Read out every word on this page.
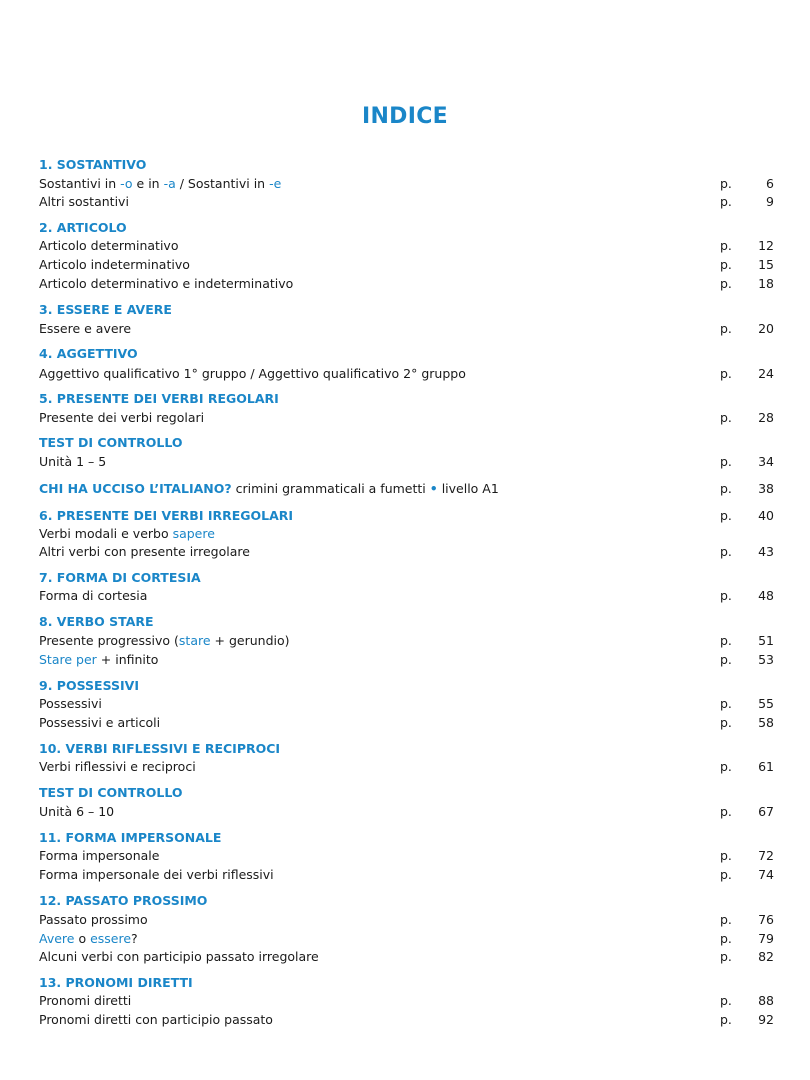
INDICE
1. SOSTANTIVO
Sostantivi in -o e in -a / Sostantivi in -e	p.	6
Altri sostantivi	p.	9
2. ARTICOLO
Articolo determinativo	p.	12
Articolo indeterminativo	p.	15
Articolo determinativo e indeterminativo	p.	18
3. ESSERE E AVERE
Essere e avere	p.	20
4. AGGETTIVO
Aggettivo qualificativo 1° gruppo / Aggettivo qualificativo 2° gruppo	p.	24
5. PRESENTE DEI VERBI REGOLARI
Presente dei verbi regolari	p.	28
TEST DI CONTROLLO
Unità 1 – 5	p.	34
CHI HA UCCISO L’ITALIANO? crimini grammaticali a fumetti • livello A1	p.	38
6. PRESENTE DEI VERBI IRREGOLARI	p.	40
Verbi modali e verbo sapere
Altri verbi con presente irregolare	p.	43
7. FORMA DI CORTESIA
Forma di cortesia	p.	48
8. VERBO STARE
Presente progressivo (stare + gerundio)	p.	51
Stare per + infinito	p.	53
9. POSSESSIVI
Possessivi	p.	55
Possessivi e articoli	p.	58
10. VERBI RIFLESSIVI E RECIPROCI
Verbi riflessivi e reciproci	p.	61
TEST DI CONTROLLO
Unità 6 – 10	p.	67
11. FORMA IMPERSONALE
Forma impersonale	p.	72
Forma impersonale dei verbi riflessivi	p.	74
12. PASSATO PROSSIMO
Passato prossimo	p.	76
Avere o essere?	p.	79
Alcuni verbi con participio passato irregolare	p.	82
13. PRONOMI DIRETTI
Pronomi diretti	p.	88
Pronomi diretti con participio passato	p.	92
